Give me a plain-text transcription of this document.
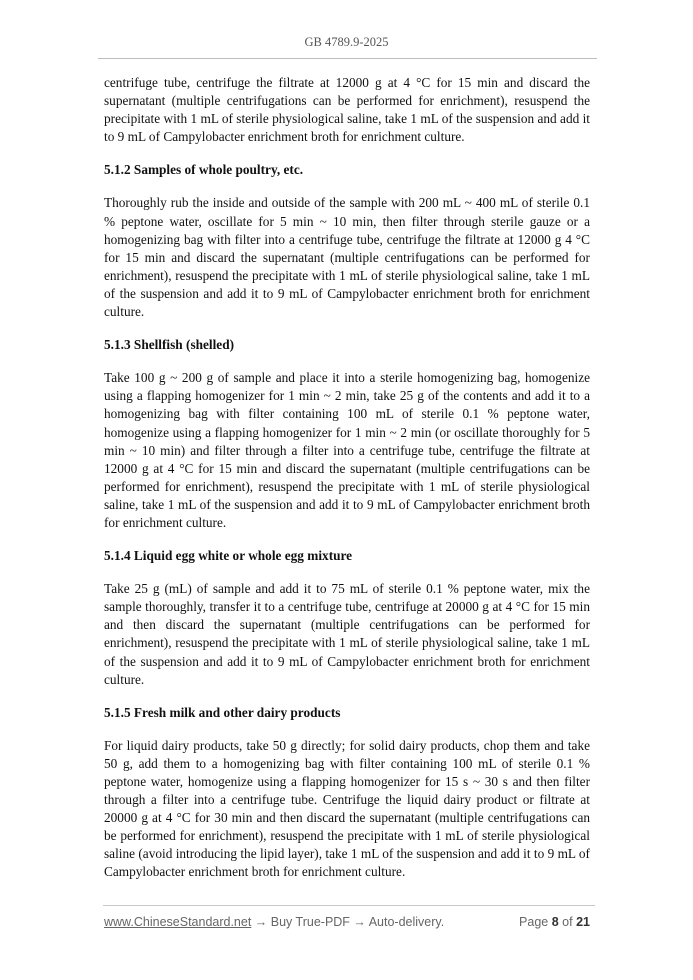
GB 4789.9-2025

centrifuge tube, centrifuge the filtrate at 12000 g at 4 °C for 15 min and discard the supernatant (multiple centrifugations can be performed for enrichment), resuspend the precipitate with 1 mL of sterile physiological saline, take 1 mL of the suspension and add it to 9 mL of Campylobacter enrichment broth for enrichment culture.

5.1.2 Samples of whole poultry, etc.

Thoroughly rub the inside and outside of the sample with 200 mL ~ 400 mL of sterile 0.1 % peptone water, oscillate for 5 min ~ 10 min, then filter through sterile gauze or a homogenizing bag with filter into a centrifuge tube, centrifuge the filtrate at 12000 g 4 °C for 15 min and discard the supernatant (multiple centrifugations can be performed for enrichment), resuspend the precipitate with 1 mL of sterile physiological saline, take 1 mL of the suspension and add it to 9 mL of Campylobacter enrichment broth for enrichment culture.

5.1.3 Shellfish (shelled)

Take 100 g ~ 200 g of sample and place it into a sterile homogenizing bag, homogenize using a flapping homogenizer for 1 min ~ 2 min, take 25 g of the contents and add it to a homogenizing bag with filter containing 100 mL of sterile 0.1 % peptone water, homogenize using a flapping homogenizer for 1 min ~ 2 min (or oscillate thoroughly for 5 min ~ 10 min) and filter through a filter into a centrifuge tube, centrifuge the filtrate at 12000 g at 4 °C for 15 min and discard the supernatant (multiple centrifugations can be performed for enrichment), resuspend the precipitate with 1 mL of sterile physiological saline, take 1 mL of the suspension and add it to 9 mL of Campylobacter enrichment broth for enrichment culture.

5.1.4 Liquid egg white or whole egg mixture

Take 25 g (mL) of sample and add it to 75 mL of sterile 0.1 % peptone water, mix the sample thoroughly, transfer it to a centrifuge tube, centrifuge at 20000 g at 4 °C for 15 min and then discard the supernatant (multiple centrifugations can be performed for enrichment), resuspend the precipitate with 1 mL of sterile physiological saline, take 1 mL of the suspension and add it to 9 mL of Campylobacter enrichment broth for enrichment culture.

5.1.5 Fresh milk and other dairy products

For liquid dairy products, take 50 g directly; for solid dairy products, chop them and take 50 g, add them to a homogenizing bag with filter containing 100 mL of sterile 0.1 % peptone water, homogenize using a flapping homogenizer for 15 s ~ 30 s and then filter through a filter into a centrifuge tube. Centrifuge the liquid dairy product or filtrate at 20000 g at 4 °C for 30 min and then discard the supernatant (multiple centrifugations can be performed for enrichment), resuspend the precipitate with 1 mL of sterile physiological saline (avoid introducing the lipid layer), take 1 mL of the suspension and add it to 9 mL of Campylobacter enrichment broth for enrichment culture.

www.ChineseStandard.net → Buy True-PDF → Auto-delivery.	Page 8 of 21
